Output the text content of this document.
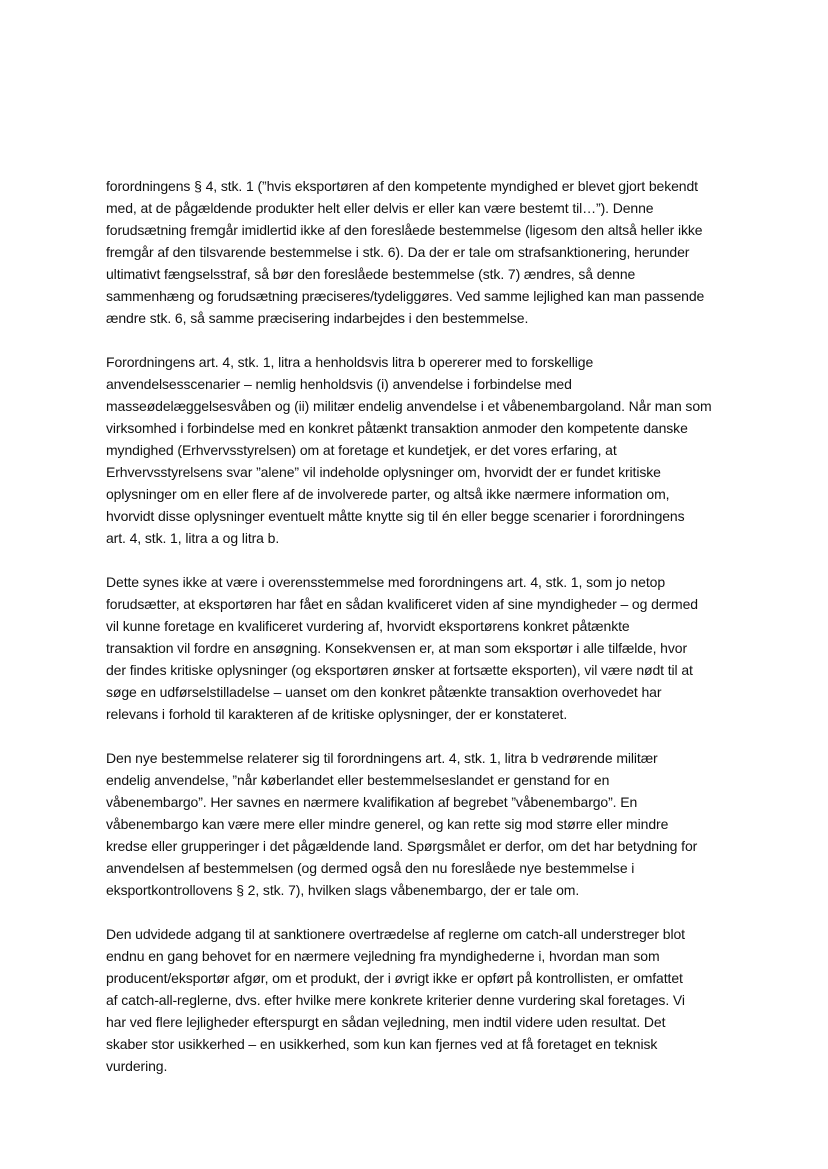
forordningens § 4, stk. 1 (”hvis eksportøren af den kompetente myndighed er blevet gjort bekendt
med, at de pågældende produkter helt eller delvis er eller kan være bestemt til…”). Denne
forudsætning fremgår imidlertid ikke af den foreslåede bestemmelse (ligesom den altså heller ikke
fremgår af den tilsvarende bestemmelse i stk. 6). Da der er tale om strafsanktionering, herunder
ultimativt fængselsstraf, så bør den foreslåede bestemmelse (stk. 7) ændres, så denne
sammenhæng og forudsætning præciseres/tydeliggøres. Ved samme lejlighed kan man passende
ændre stk. 6, så samme præcisering indarbejdes i den bestemmelse.

Forordningens art. 4, stk. 1, litra a henholdsvis litra b opererer med to forskellige
anvendelsesscenarier – nemlig henholdsvis (i) anvendelse i forbindelse med
masseødelæggelsesvåben og (ii) militær endelig anvendelse i et våbenembargoland. Når man som
virksomhed i forbindelse med en konkret påtænkt transaktion anmoder den kompetente danske
myndighed (Erhvervsstyrelsen) om at foretage et kundetjek, er det vores erfaring, at
Erhvervsstyrelsens svar ”alene” vil indeholde oplysninger om, hvorvidt der er fundet kritiske
oplysninger om en eller flere af de involverede parter, og altså ikke nærmere information om,
hvorvidt disse oplysninger eventuelt måtte knytte sig til én eller begge scenarier i forordningens
art. 4, stk. 1, litra a og litra b.

Dette synes ikke at være i overensstemmelse med forordningens art. 4, stk. 1, som jo netop
forudsætter, at eksportøren har fået en sådan kvalificeret viden af sine myndigheder – og dermed
vil kunne foretage en kvalificeret vurdering af, hvorvidt eksportørens konkret påtænkte
transaktion vil fordre en ansøgning. Konsekvensen er, at man som eksportør i alle tilfælde, hvor
der findes kritiske oplysninger (og eksportøren ønsker at fortsætte eksporten), vil være nødt til at
søge en udførselstilladelse – uanset om den konkret påtænkte transaktion overhovedet har
relevans i forhold til karakteren af de kritiske oplysninger, der er konstateret.

Den nye bestemmelse relaterer sig til forordningens art. 4, stk. 1, litra b vedrørende militær
endelig anvendelse, ”når køberlandet eller bestemmelseslandet er genstand for en
våbenembargo”. Her savnes en nærmere kvalifikation af begrebet ”våbenembargo”. En
våbenembargo kan være mere eller mindre generel, og kan rette sig mod større eller mindre
kredse eller grupperinger i det pågældende land. Spørgsmålet er derfor, om det har betydning for
anvendelsen af bestemmelsen (og dermed også den nu foreslåede nye bestemmelse i
eksportkontrollovens § 2, stk. 7), hvilken slags våbenembargo, der er tale om.

Den udvidede adgang til at sanktionere overtrædelse af reglerne om catch-all understreger blot
endnu en gang behovet for en nærmere vejledning fra myndighederne i, hvordan man som
producent/eksportør afgør, om et produkt, der i øvrigt ikke er opført på kontrollisten, er omfattet
af catch-all-reglerne, dvs. efter hvilke mere konkrete kriterier denne vurdering skal foretages. Vi
har ved flere lejligheder efterspurgt en sådan vejledning, men indtil videre uden resultat. Det
skaber stor usikkerhed – en usikkerhed, som kun kan fjernes ved at få foretaget en teknisk
vurdering.
